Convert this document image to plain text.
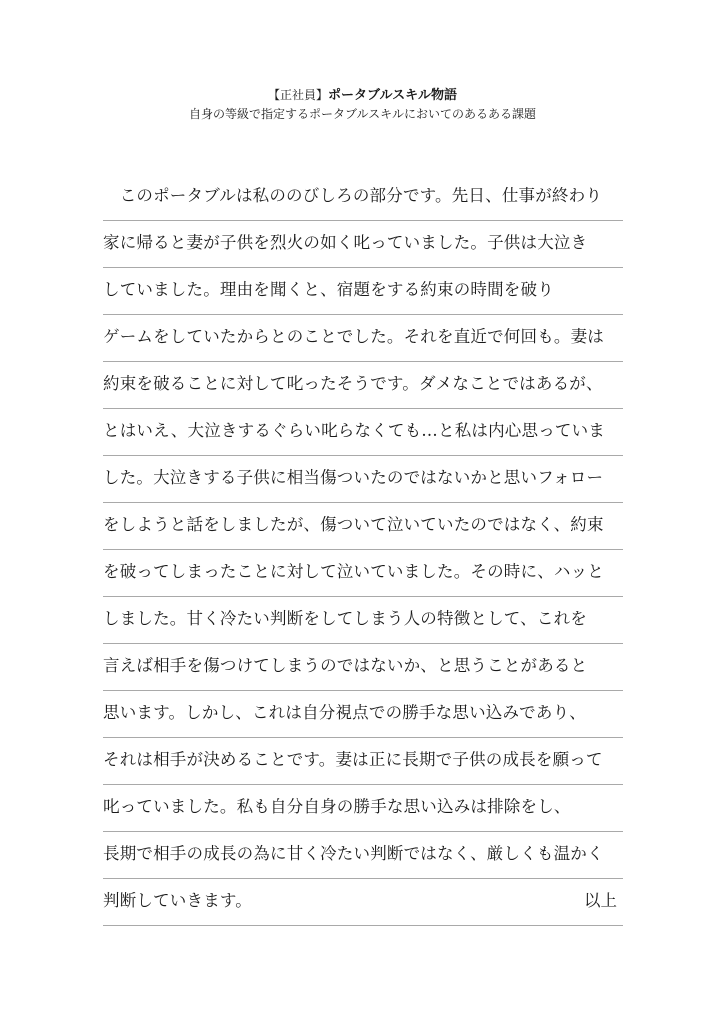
【正社員】ポータブルスキル物語
自身の等級で指定するポータブルスキルにおいてのあるある課題
　このポータブルは私ののびしろの部分です。先日、仕事が終わり
家に帰ると妻が子供を烈火の如く叱っていました。子供は大泣き
していました。理由を聞くと、宿題をする約束の時間を破り
ゲームをしていたからとのことでした。それを直近で何回も。妻は
約束を破ることに対して叱ったそうです。ダメなことではあるが、
とはいえ、大泣きするぐらい叱らなくても…と私は内心思っていま
した。大泣きする子供に相当傷ついたのではないかと思いフォロー
をしようと話をしましたが、傷ついて泣いていたのではなく、約束
を破ってしまったことに対して泣いていました。その時に、ハッと
しました。甘く冷たい判断をしてしまう人の特徴として、これを
言えば相手を傷つけてしまうのではないか、と思うことがあると
思います。しかし、これは自分視点での勝手な思い込みであり、
それは相手が決めることです。妻は正に長期で子供の成長を願って
叱っていました。私も自分自身の勝手な思い込みは排除をし、
長期で相手の成長の為に甘く冷たい判断ではなく、厳しくも温かく
判断していきます。	以上
